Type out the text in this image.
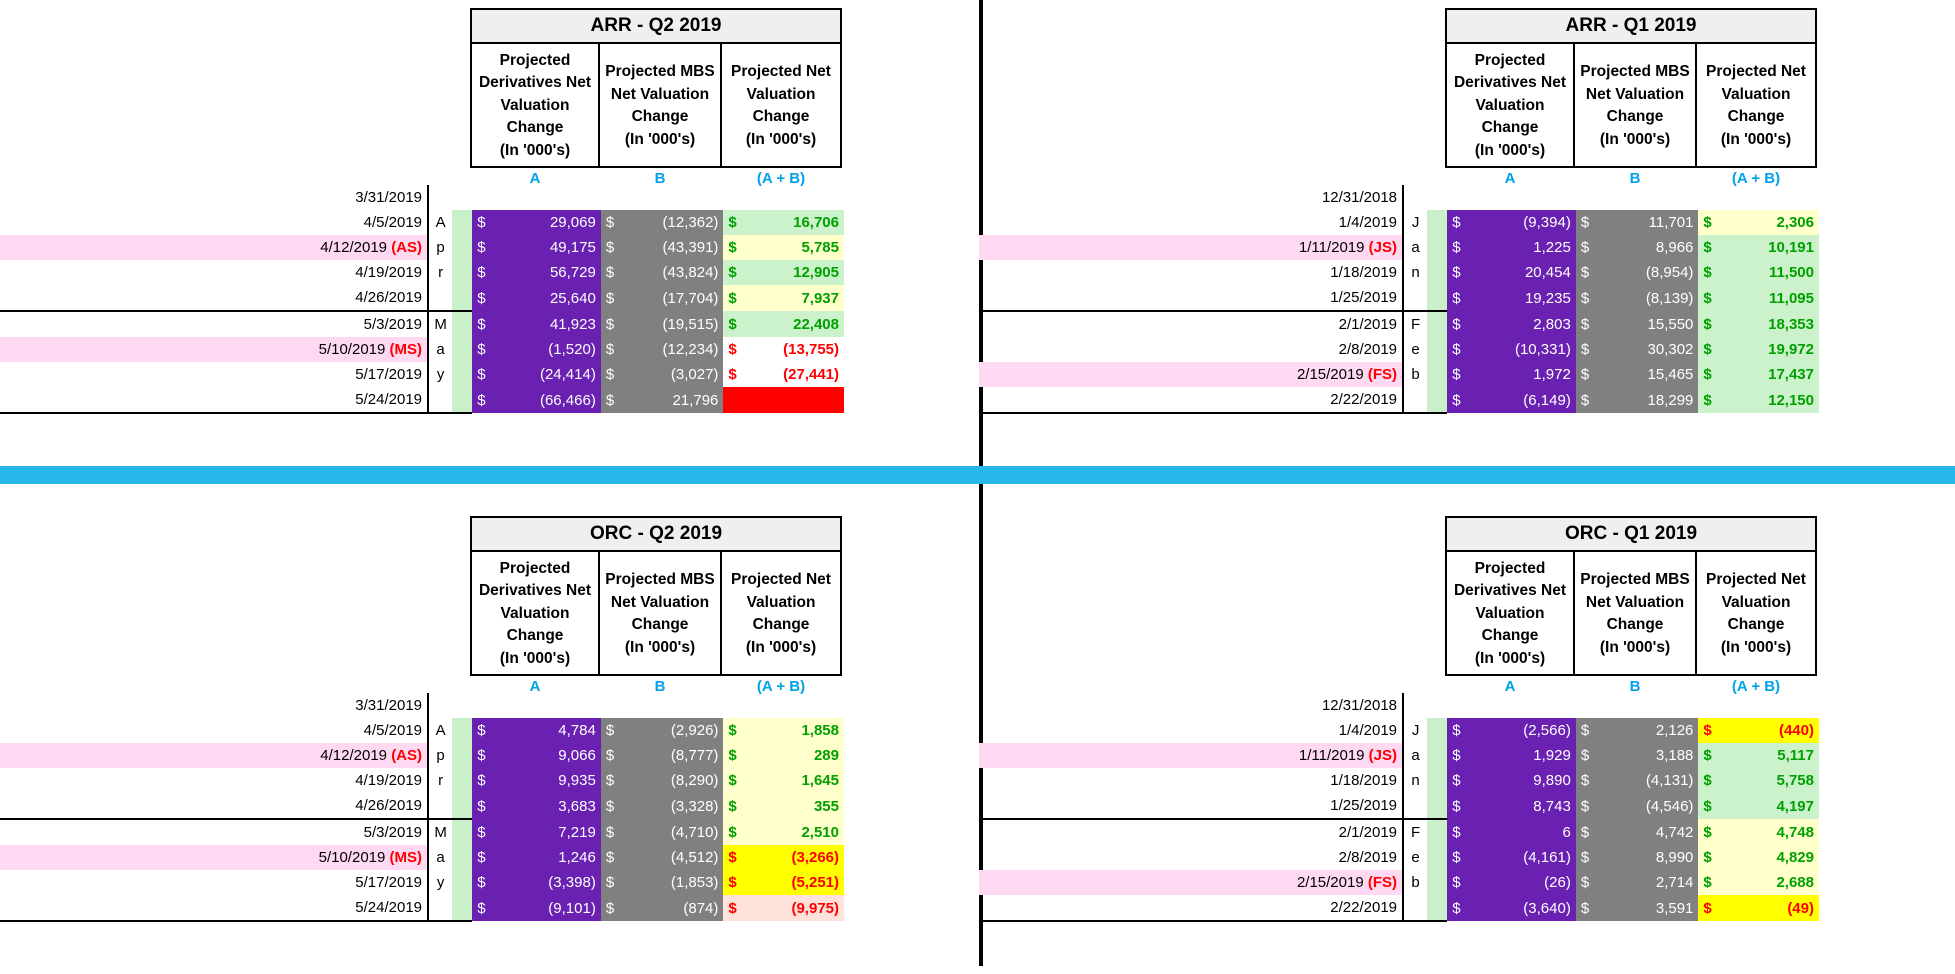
ARR - Q2 2019		
Projected
Derivatives Net
Valuation Change
(In '000's)	Projected MBS
Net Valuation
Change
(In '000's)	Projected Net
Valuation
Change
(In '000's)
A	B	(A + B)
3/31/2019					
4/5/2019	A		$ 29,069	$ (12,362)	$ 16,706

4/12/2019 (AS)	p		$ 49,175	$ (43,391)	$ 5,785

4/19/2019	r		$ 56,729	$ (43,824)	$ 12,905

4/26/2019			$ 25,640	$ (17,704)	$ 7,937

5/3/2019	M		$ 41,923	$ (19,515)	$ 22,408

5/10/2019 (MS)	a		$ (1,520)	$ (12,234)	$ (13,755)

5/17/2019	y		$ (24,414)	$ (3,027)	$ (27,441)

5/24/2019			$ (66,466)	$ 21,796	$ (44,670)
ARR - Q1 2019		
Projected
Derivatives Net
Valuation Change
(In '000's)	Projected MBS
Net Valuation
Change
(In '000's)	Projected Net
Valuation
Change
(In '000's)
A	B	(A + B)
12/31/2018					
1/4/2019	J		$ (9,394)	$ 11,701	$ 2,306

1/11/2019 (JS)	a		$ 1,225	$ 8,966	$ 10,191

1/18/2019	n		$ 20,454	$ (8,954)	$ 11,500

1/25/2019			$ 19,235	$ (8,139)	$ 11,095

2/1/2019	F		$ 2,803	$ 15,550	$ 18,353

2/8/2019	e		$ (10,331)	$ 30,302	$ 19,972

2/15/2019 (FS)	b		$ 1,972	$ 15,465	$ 17,437

2/22/2019			$ (6,149)	$ 18,299	$ 12,150
ORC - Q2 2019		
Projected
Derivatives Net
Valuation Change
(In '000's)	Projected MBS
Net Valuation
Change
(In '000's)	Projected Net
Valuation
Change
(In '000's)
A	B	(A + B)
3/31/2019					
4/5/2019	A		$ 4,784	$ (2,926)	$ 1,858

4/12/2019 (AS)	p		$ 9,066	$ (8,777)	$ 289

4/19/2019	r		$ 9,935	$ (8,290)	$ 1,645

4/26/2019			$ 3,683	$ (3,328)	$ 355

5/3/2019	M		$ 7,219	$ (4,710)	$ 2,510

5/10/2019 (MS)	a		$ 1,246	$ (4,512)	$ (3,266)

5/17/2019	y		$ (3,398)	$ (1,853)	$ (5,251)

5/24/2019			$ (9,101)	$ (874)	$ (9,975)
ORC - Q1 2019		
Projected
Derivatives Net
Valuation Change
(In '000's)	Projected MBS
Net Valuation
Change
(In '000's)	Projected Net
Valuation
Change
(In '000's)
A	B	(A + B)
12/31/2018					
1/4/2019	J		$ (2,566)	$ 2,126	$ (440)

1/11/2019 (JS)	a		$ 1,929	$ 3,188	$ 5,117

1/18/2019	n		$ 9,890	$ (4,131)	$ 5,758

1/25/2019			$ 8,743	$ (4,546)	$ 4,197

2/1/2019	F		$ 6	$ 4,742	$ 4,748

2/8/2019	e		$ (4,161)	$ 8,990	$ 4,829

2/15/2019 (FS)	b		$ (26)	$ 2,714	$ 2,688

2/22/2019			$ (3,640)	$ 3,591	$ (49)
